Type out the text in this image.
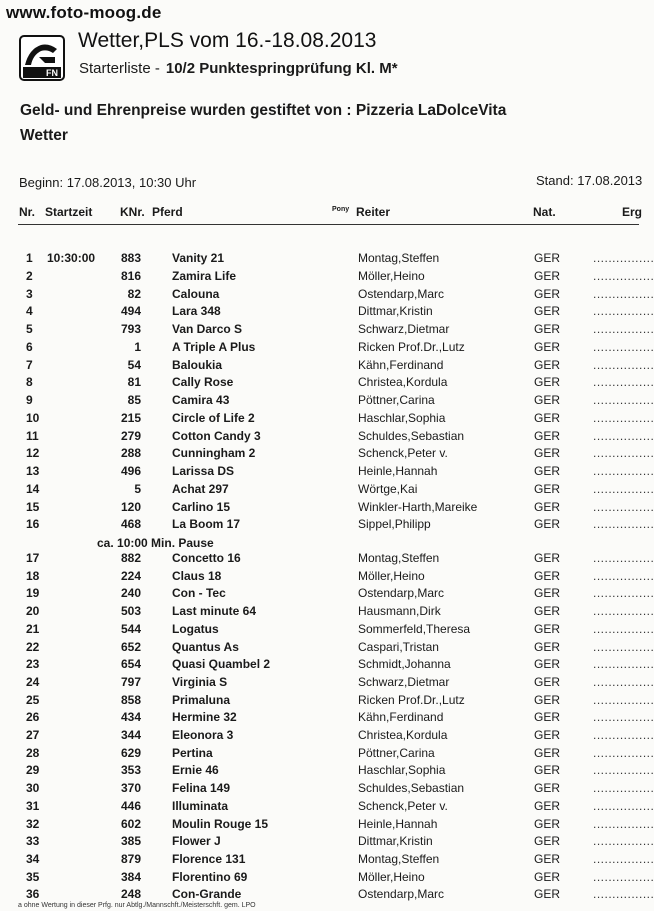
www.foto-moog.de
FN
Wetter,PLS vom 16.-18.08.2013
Starterliste - 10/2 Punktespringprüfung Kl. M*
Geld- und Ehrenpreise wurden gestiftet von : Pizzeria LaDolceVita
Wetter
Beginn: 17.08.2013, 10:30 Uhr	Stand: 17.08.2013
Nr. Startzeit KNr. Pferd	Pony Reiter	Nat.	Erg
1 10:30:00	883	Vanity 21	Montag,Steffen	GER	................
2	816	Zamira Life	Möller,Heino	GER	................
3	82	Calouna	Ostendarp,Marc	GER	................
4	494	Lara 348	Dittmar,Kristin	GER	................
5	793	Van Darco S	Schwarz,Dietmar	GER	................
6	1	A Triple A Plus	Ricken Prof.Dr.,Lutz	GER	................
7	54	Baloukia	Kähn,Ferdinand	GER	................
8	81	Cally Rose	Christea,Kordula	GER	................
9	85	Camira 43	Pöttner,Carina	GER	................
10	215	Circle of Life 2	Haschlar,Sophia	GER	................
11	279	Cotton Candy 3	Schuldes,Sebastian	GER	................
12	288	Cunningham 2	Schenck,Peter v.	GER	................
13	496	Larissa DS	Heinle,Hannah	GER	................
14	5	Achat 297	Wörtge,Kai	GER	................
15	120	Carlino 15	Winkler-Harth,Mareike	GER	................
16	468	La Boom 17	Sippel,Philipp	GER	................
17	882	Concetto 16	Montag,Steffen	GER	................
18	224	Claus 18	Möller,Heino	GER	................
19	240	Con - Tec	Ostendarp,Marc	GER	................
20	503	Last minute 64	Hausmann,Dirk	GER	................
21	544	Logatus	Sommerfeld,Theresa	GER	................
22	652	Quantus As	Caspari,Tristan	GER	................
23	654	Quasi Quambel 2	Schmidt,Johanna	GER	................
24	797	Virginia S	Schwarz,Dietmar	GER	................
25	858	Primaluna	Ricken Prof.Dr.,Lutz	GER	................
26	434	Hermine 32	Kähn,Ferdinand	GER	................
27	344	Eleonora 3	Christea,Kordula	GER	................
28	629	Pertina	Pöttner,Carina	GER	................
29	353	Ernie 46	Haschlar,Sophia	GER	................
30	370	Felina 149	Schuldes,Sebastian	GER	................
31	446	Illuminata	Schenck,Peter v.	GER	................
32	602	Moulin Rouge 15	Heinle,Hannah	GER	................
33	385	Flower J	Dittmar,Kristin	GER	................
34	879	Florence 131	Montag,Steffen	GER	................
35	384	Florentino 69	Möller,Heino	GER	................
36	248	Con-Grande	Ostendarp,Marc	GER	................
ca. 10:00 Min. Pause
a ohne Wertung in dieser Prfg. nur Abtlg./Mannschft./Meisterschft. gem. LPO
